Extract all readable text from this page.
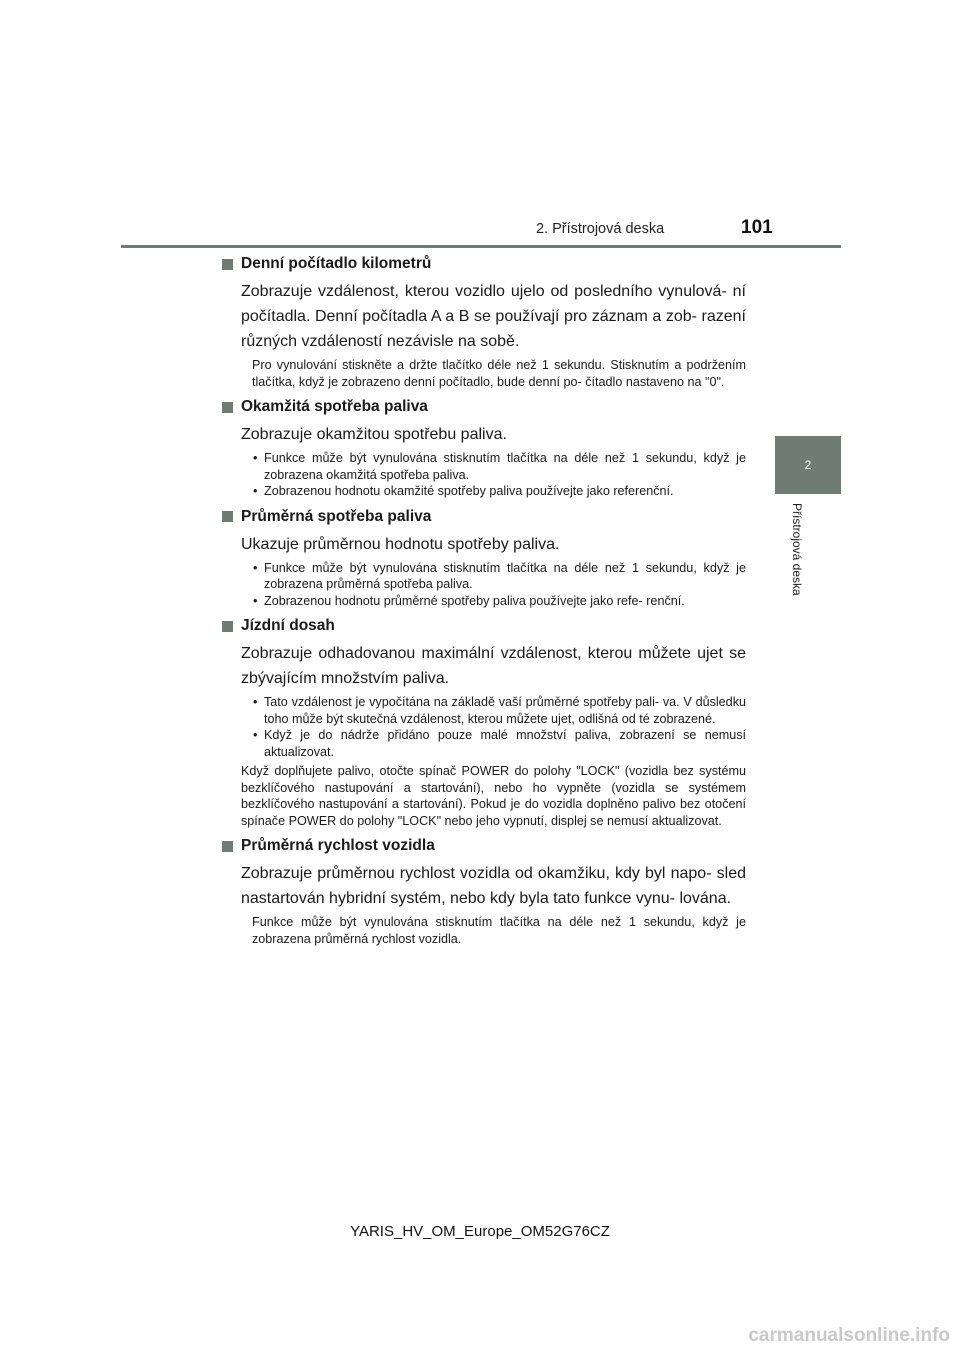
2. Přístrojová deska	101
2
Přístrojová deska
Denní počítadlo kilometrů

Zobrazuje vzdálenost, kterou vozidlo ujelo od posledního vynulová- ní počítadla. Denní počítadla A a B se používají pro záznam a zob- razení různých vzdáleností nezávisle na sobě.

Pro vynulování stiskněte a držte tlačítko déle než 1 sekundu. Stisknutím a podržením tlačítka, když je zobrazeno denní počítadlo, bude denní po- čítadlo nastaveno na "0".

Okamžitá spotřeba paliva

Zobrazuje okamžitou spotřebu paliva.

• Funkce může být vynulována stisknutím tlačítka na déle než 1 sekundu, když je zobrazena okamžitá spotřeba paliva.
• Zobrazenou hodnotu okamžité spotřeby paliva používejte jako referenční.
Průměrná spotřeba paliva

Ukazuje průměrnou hodnotu spotřeby paliva.

• Funkce může být vynulována stisknutím tlačítka na déle než 1 sekundu, když je zobrazena průměrná spotřeba paliva.
• Zobrazenou hodnotu průměrné spotřeby paliva používejte jako refe- renční.
Jízdní dosah

Zobrazuje odhadovanou maximální vzdálenost, kterou můžete ujet se zbývajícím množstvím paliva.

• Tato vzdálenost je vypočítána na základě vaší průměrné spotřeby pali- va. V důsledku toho může být skutečná vzdálenost, kterou můžete ujet, odlišná od té zobrazené.
• Když je do nádrže přidáno pouze malé množství paliva, zobrazení se nemusí aktualizovat.

Když doplňujete palivo, otočte spínač POWER do polohy "LOCK" (vozidla bez systému bezklíčového nastupování a startování), nebo ho vypněte (vozidla se systémem bezklíčového nastupování a startování). Pokud je do vozidla doplněno palivo bez otočení spínače POWER do polohy "LOCK" nebo jeho vypnutí, displej se nemusí aktualizovat.

Průměrná rychlost vozidla

Zobrazuje průměrnou rychlost vozidla od okamžiku, kdy byl napo- sled nastartován hybridní systém, nebo kdy byla tato funkce vynu- lována.

Funkce může být vynulována stisknutím tlačítka na déle než 1 sekundu, když je zobrazena průměrná rychlost vozidla.

YARIS_HV_OM_Europe_OM52G76CZ
carmanualsonline.info
